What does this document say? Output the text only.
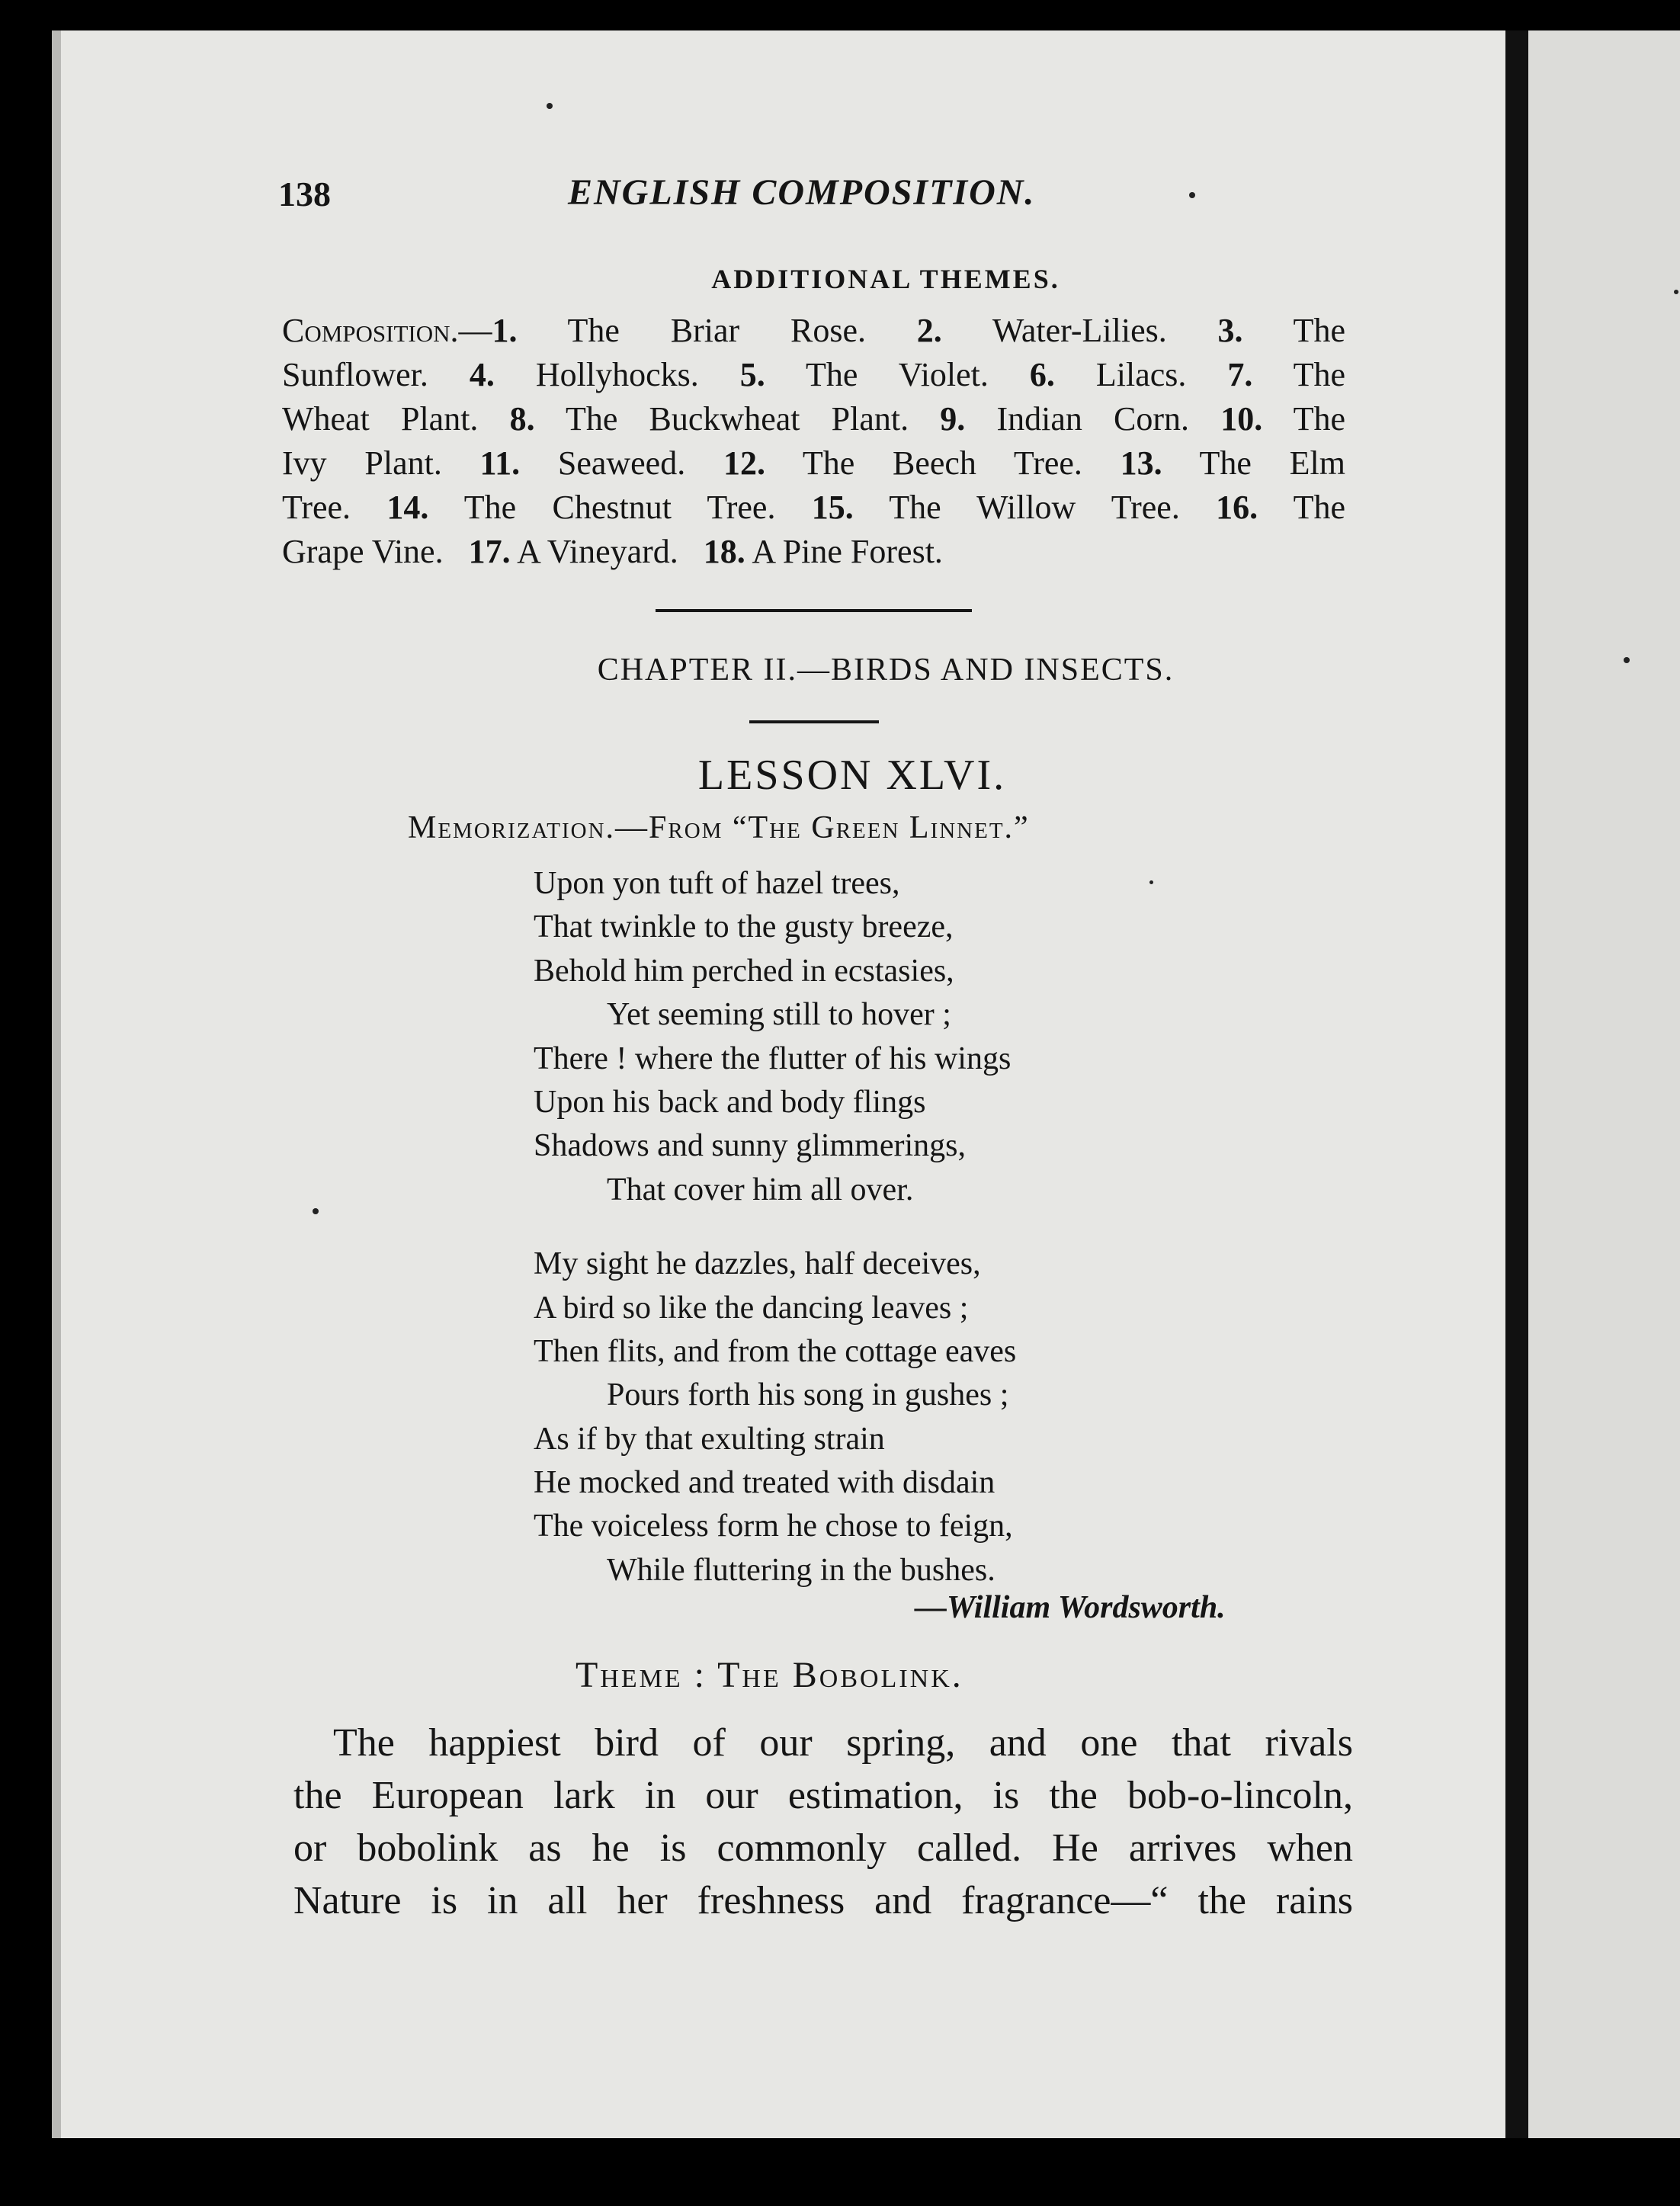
138	ENGLISH COMPOSITION.
ADDITIONAL THEMES.
Composition.—1. The Briar Rose. 2. Water-Lilies. 3. The
Sunflower. 4. Hollyhocks. 5. The Violet. 6. Lilacs. 7. The
Wheat Plant. 8. The Buckwheat Plant. 9. Indian Corn. 10. The
Ivy Plant. 11. Seaweed. 12. The Beech Tree. 13. The Elm
Tree. 14. The Chestnut Tree. 15. The Willow Tree. 16. The
Grape Vine.   17. A Vineyard. 18. A Pine Forest.
CHAPTER II.—BIRDS AND INSECTS.
LESSON XLVI.
Memorization.—From “The Green Linnet.”
Upon yon tuft of hazel trees,
That twinkle to the gusty breeze,
Behold him perched in ecstasies,
Yet seeming still to hover ;
There ! where the flutter of his wings
Upon his back and body flings
Shadows and sunny glimmerings,
That cover him all over.
My sight he dazzles, half deceives,
A bird so like the dancing leaves ;
Then flits, and from the cottage eaves
Pours forth his song in gushes ;
As if by that exulting strain
He mocked and treated with disdain
The voiceless form he chose to feign,
While fluttering in the bushes.
—William Wordsworth.
Theme : The Bobolink.
The happiest bird of our spring, and one that rivals
the European lark in our estimation, is the bob-o-lincoln,
or bobolink as he is commonly called. He arrives when
Nature is in all her freshness and fragrance—“ the rains
